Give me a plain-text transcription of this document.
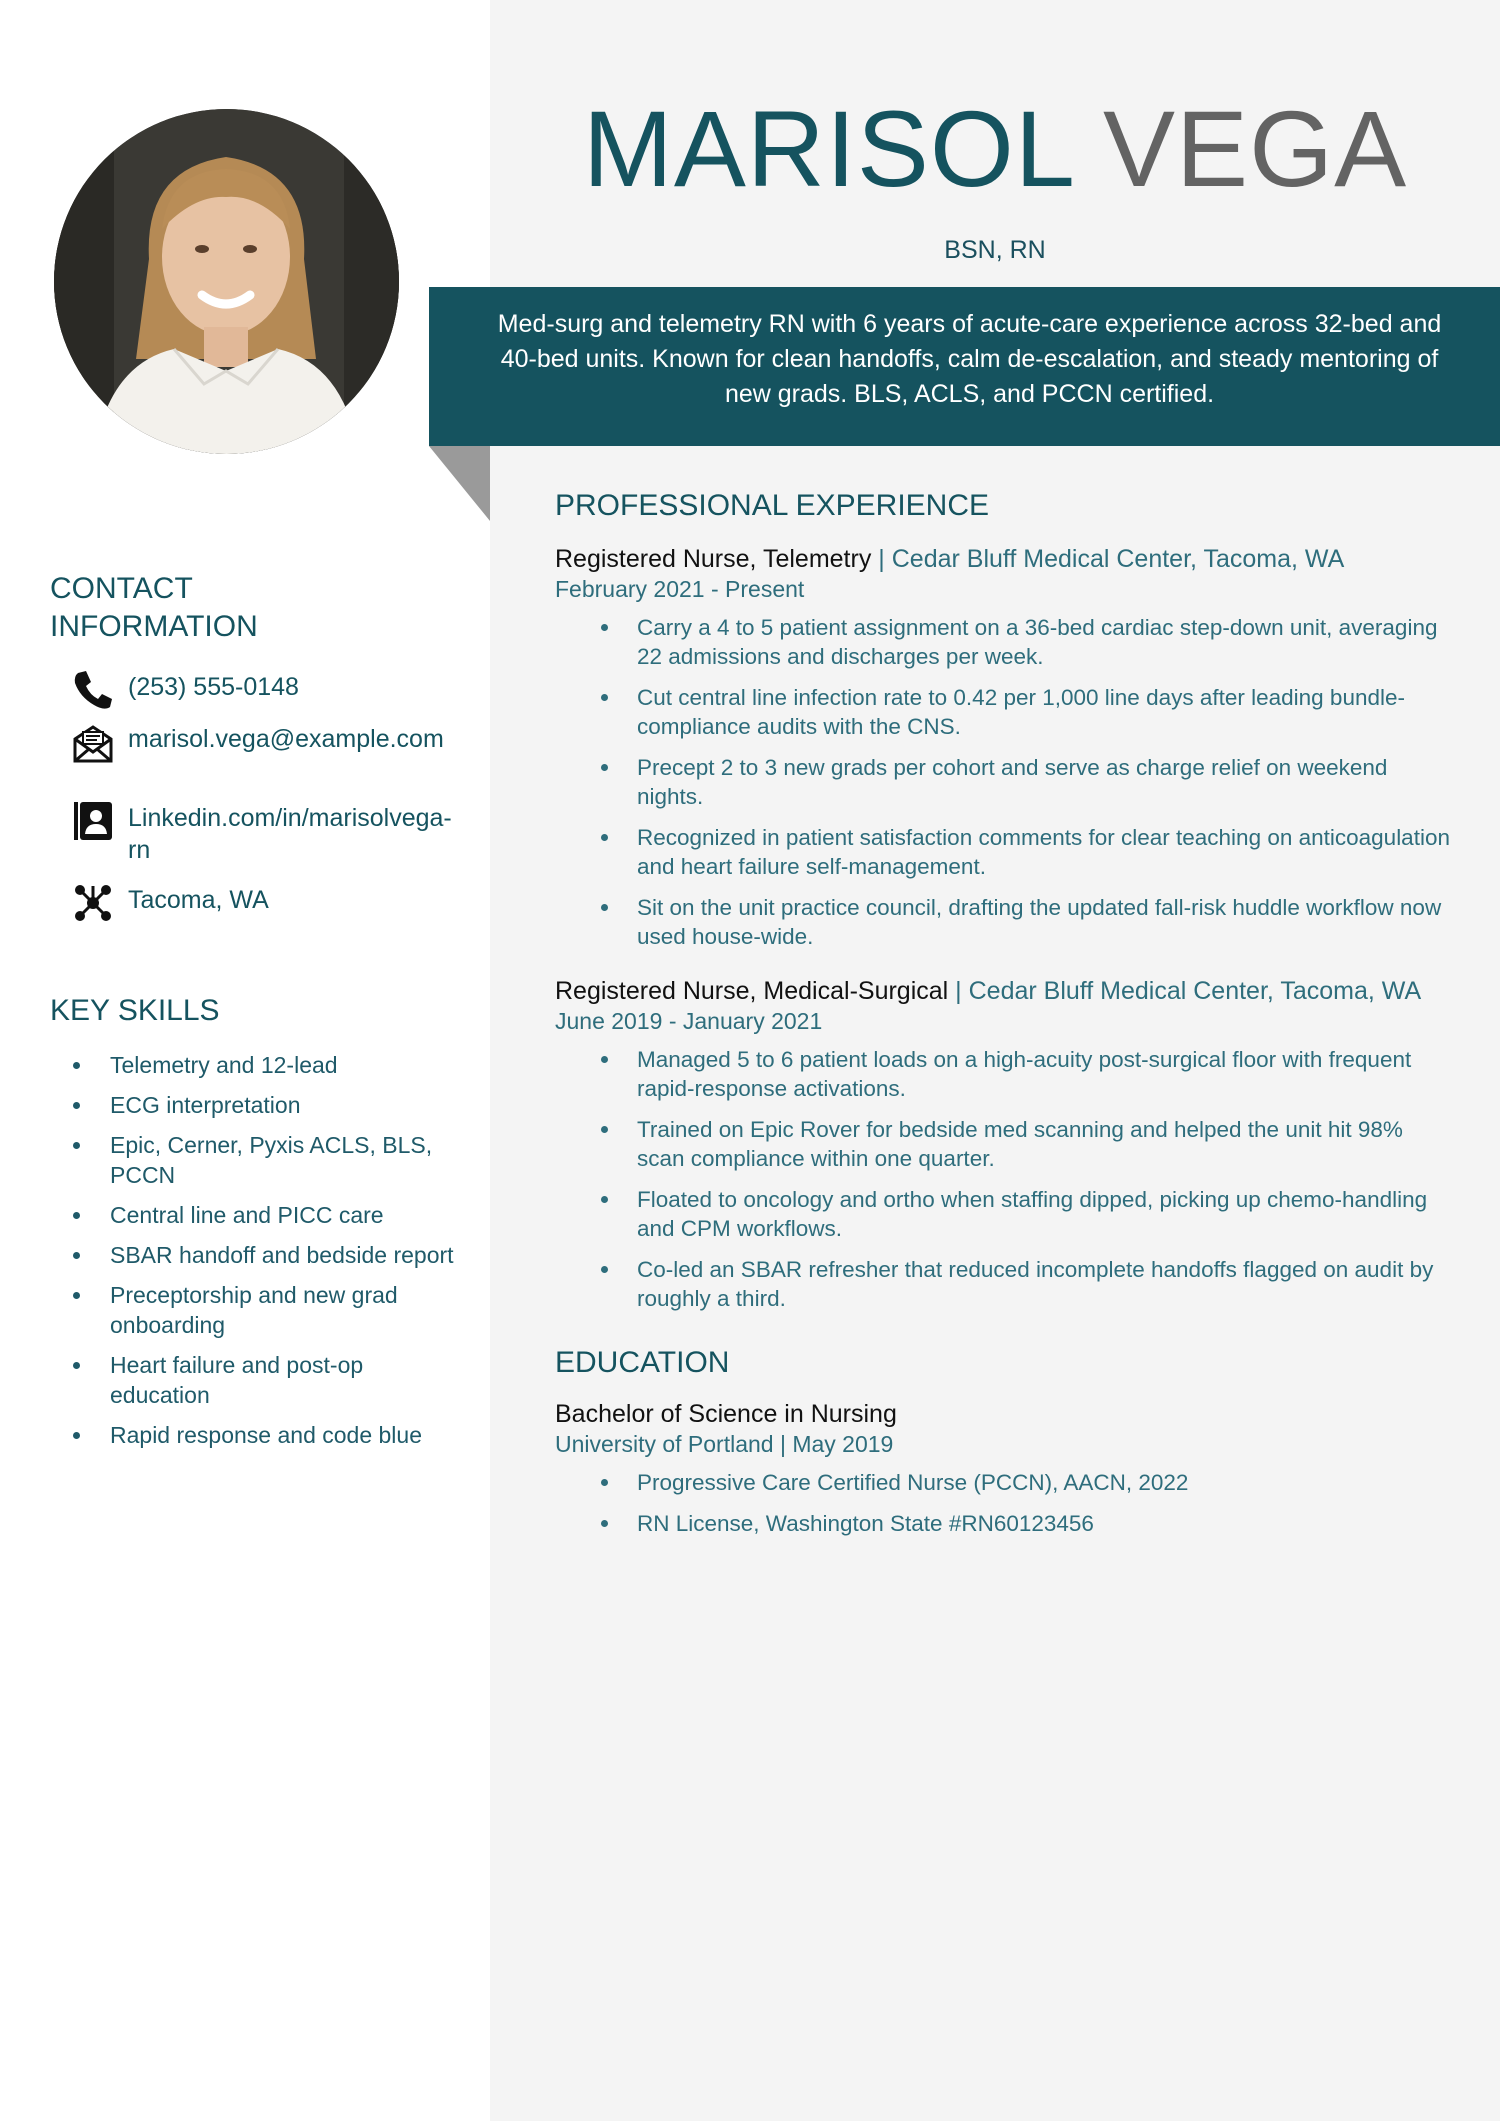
MARISOL VEGA
BSN, RN
Med-surg and telemetry RN with 6 years of acute-care experience across 32-bed and 40-bed units. Known for clean handoffs, calm de-escalation, and steady mentoring of new grads. BLS, ACLS, and PCCN certified.
CONTACT
INFORMATION
(253) 555-0148
marisol.vega@example.com
Linkedin.com/in/marisolvega-rn
Tacoma, WA
KEY SKILLS
Telemetry and 12-lead
ECG interpretation
Epic, Cerner, Pyxis ACLS, BLS, PCCN
Central line and PICC care
SBAR handoff and bedside report
Preceptorship and new grad onboarding
Heart failure and post-op education
Rapid response and code blue
PROFESSIONAL EXPERIENCE
Registered Nurse, Telemetry | Cedar Bluff Medical Center, Tacoma, WA
February 2021 - Present
Carry a 4 to 5 patient assignment on a 36-bed cardiac step-down unit, averaging 22 admissions and discharges per week.
Cut central line infection rate to 0.42 per 1,000 line days after leading bundle-compliance audits with the CNS.
Precept 2 to 3 new grads per cohort and serve as charge relief on weekend nights.
Recognized in patient satisfaction comments for clear teaching on anticoagulation and heart failure self-management.
Sit on the unit practice council, drafting the updated fall-risk huddle workflow now used house-wide.
Registered Nurse, Medical-Surgical | Cedar Bluff Medical Center, Tacoma, WA
June 2019 - January 2021
Managed 5 to 6 patient loads on a high-acuity post-surgical floor with frequent rapid-response activations.
Trained on Epic Rover for bedside med scanning and helped the unit hit 98% scan compliance within one quarter.
Floated to oncology and ortho when staffing dipped, picking up chemo-handling and CPM workflows.
Co-led an SBAR refresher that reduced incomplete handoffs flagged on audit by roughly a third.
EDUCATION
Bachelor of Science in Nursing
University of Portland | May 2019
Progressive Care Certified Nurse (PCCN), AACN, 2022
RN License, Washington State #RN60123456
